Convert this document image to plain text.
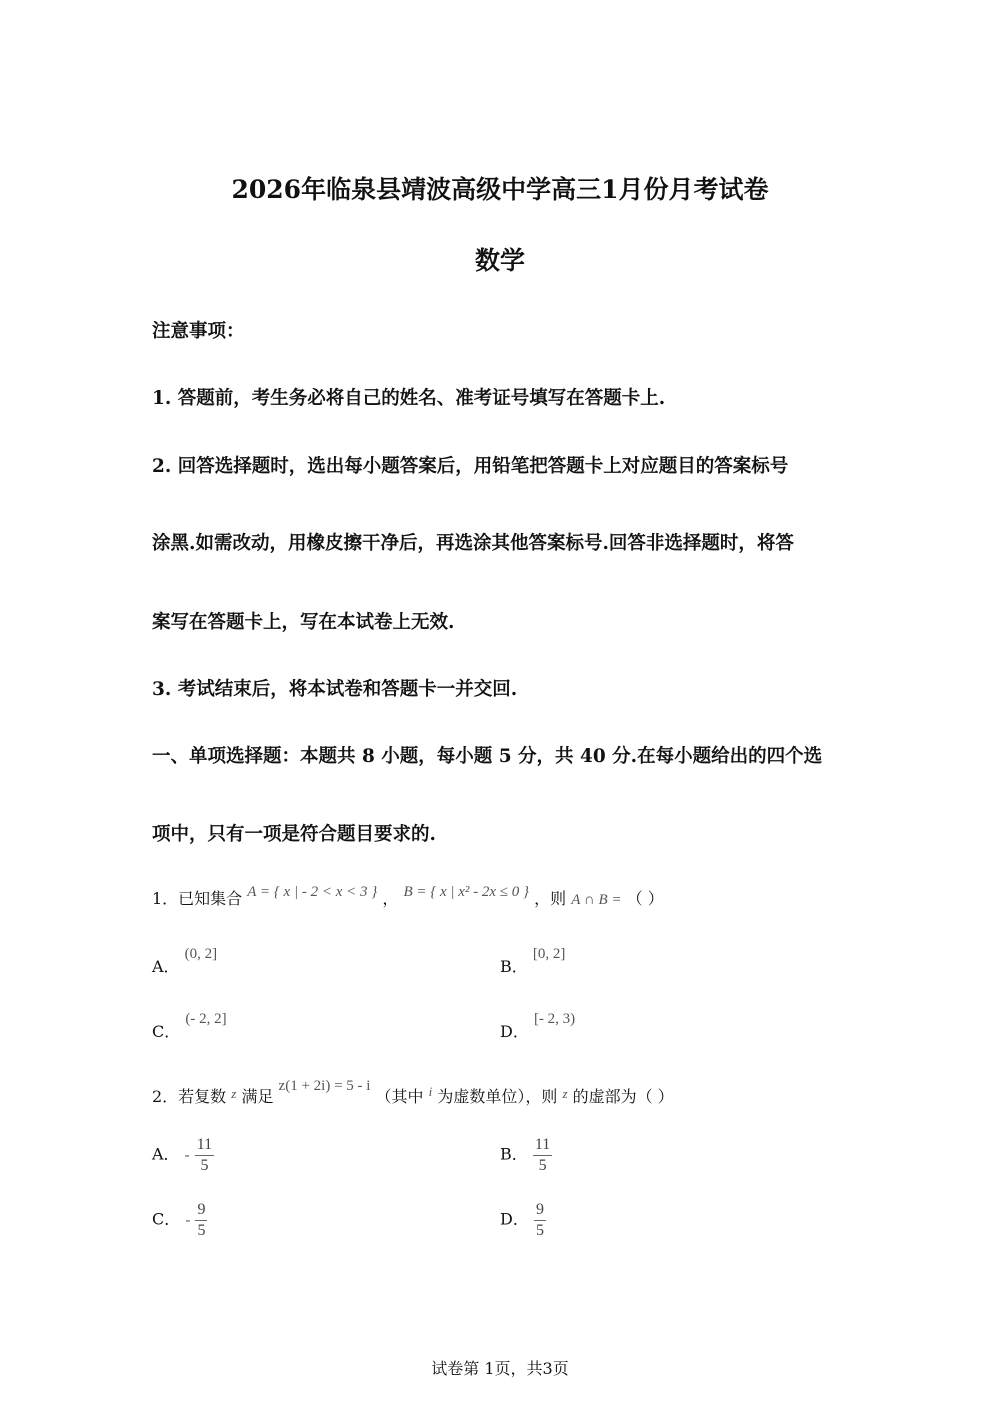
2026年临泉县靖波高级中学高三1月份月考试卷
数学
注意事项：
1. 答题前，考生务必将自己的姓名、准考证号填写在答题卡上.
2. 回答选择题时，选出每小题答案后，用铅笔把答题卡上对应题目的答案标号
涂黑.如需改动，用橡皮擦干净后，再选涂其他答案标号.回答非选择题时，将答
案写在答题卡上，写在本试卷上无效.
3. 考试结束后，将本试卷和答题卡一并交回.
一、单项选择题：本题共 8 小题，每小题 5 分，共 40 分.在每小题给出的四个选
项中，只有一项是符合题目要求的.
1．已知集合 A = { x | - 2 < x < 3 } ， B = { x | x² - 2x ≤ 0 } ，则 A ∩ B = （ ）
A． (0, 2]
B． [0, 2]
C． (- 2, 2]
D． [- 2, 3)
2．若复数 $^z$ 满足 z(1 + 2i) = 5 - i （其中 $^i$ 为虚数单位），则 $^z$ 的虚部为（ ）
A． - $\frac{11}{5}$	B． $\frac{11}{5}$
C． - $\frac{9}{5}$	D． $\frac{9}{5}$
试卷第 1页，共3页
